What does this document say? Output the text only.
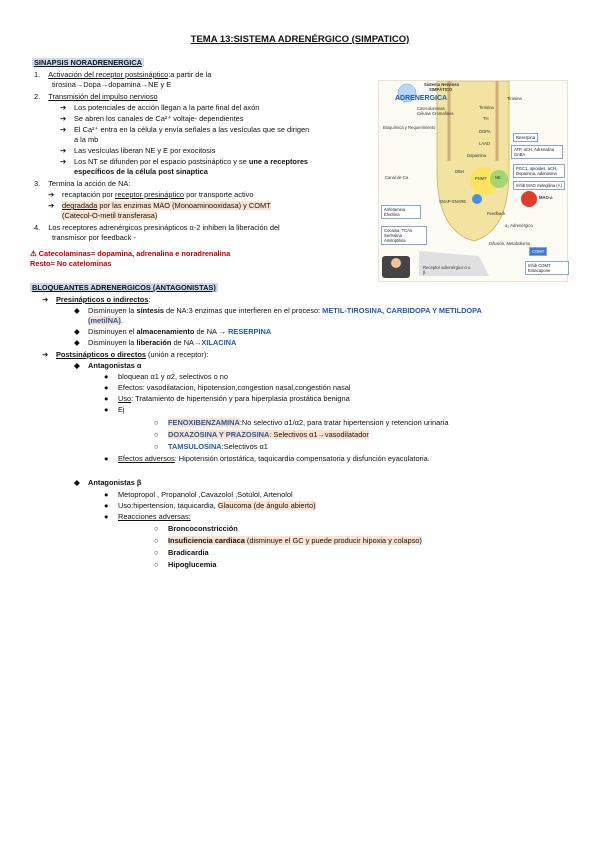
TEMA 13:SISTEMA ADRENÉRGICO (SIMPATICO)
SINAPSIS NORADRENERGICA
1. Activación del receptor postsináptico:a partir de la
tirosina→Dopa→dopamina→NE y E
2. Transmisión del impulso nervioso
➔ Los potenciales de acción llegan a la parte final del axón
➔ Se abren los canales de Ca²⁺ voltaje- dependientes
➔ El Ca²⁺ entra en la célula y envía señales a las vesículas que se dirigen
a la mb
➔ Las vesículas liberan NE y E por exocitosis
➔ Los NT se difunden por el espacio postsináptico y se une a receptores
específicos de la célula post sinaptica
3. Termina la acción de NA:
➔ recaptación por receptor presináptico por transporte activo
➔ degradada por las enzimas MAO (Monoaminooxidasa) y COMT
(Catecol-O-metil transferasa)
4. Los receptores adrenérgicos presinápticos α-2 inhiben la liberación del
transmisor por feedback -
⚠ Catecolaminas= dopamina, adrenalina e noradrenalina
Resto= No catelominas
BLOQUEANTES ADRENERGICOS (ANTAGONISTAS)
➔ Presinápticos o indirectos:
◆ Disminuyen la síntesis de NA:3 enzimas que interfieren en el proceso: METIL-TIROSINA, CARBIDOPA Y METILDOPA
(metilNA).
◆ Disminuyen el almacenamiento de NA → RESERPINA
◆ Disminuyen la liberación de NA→XILACINA
➔ Postsinápticos o directos (unión a receptor):
◆ Antagonistas α
● bloquean α1 y α2, selectivos o no
● Efectos: vasodilatacion, hipotension,congestion nasal,congestión nasal
● Uso: Tratamiento de hipertensión y para hiperplasia prostática benigna
● Ej
○ FENOXIBENZAMINA:No selectivo α1/α2, para tratar hipertension y retencion urinaria
○ DOXAZOSINA Y PRAZOSINA: Selectivos α1→vasodilatador
○ TAMSULOSINA:Selectivos α1
● Efectos adversos: Hipotensión ortostática, taquicardia compensatoria y disfunción eyaculatoria.
◆ Antagonistas β
● Metopropol , Propanolol ,Cavazolol ,Sotulol, Artenolol
● Uso:hipertension, taquicardia, Glaucoma (de ángulo abierto)
● Reacciones adversas:
○ Broncoconstricción
○ Insuficiencia cardiaca (disminuye el GC y puede producir hipoxia y colapso)
○ Bradicardia
○ Hipoglucemia
Sistema Nervioso
SIMPÁTICO
ADRENERGICA
Catecolaminas
Células Cromafines
Bioquímica y Requerimiento
Tirosina
Tirosina
TH
DOPA
LAAD
Dopamina
Reserpina
DBH
PNMT NE
Canal de Ca
SNAP-SNARE
Feedback
ATP, aCH, Adrenalina GnBA
PGC1, opioides, aCH, Dopamina, adenosina
Inhib MAO Selegilina (A)
MAO-a
Anfetamina Efedrina
Cocaina, TCAs Sertralina Amitriptilina
α₂ Adrenérgico
Difusión, Metabolismo
COMT
Inhib COMT Entacapone
Receptor adrenérgico α o β
